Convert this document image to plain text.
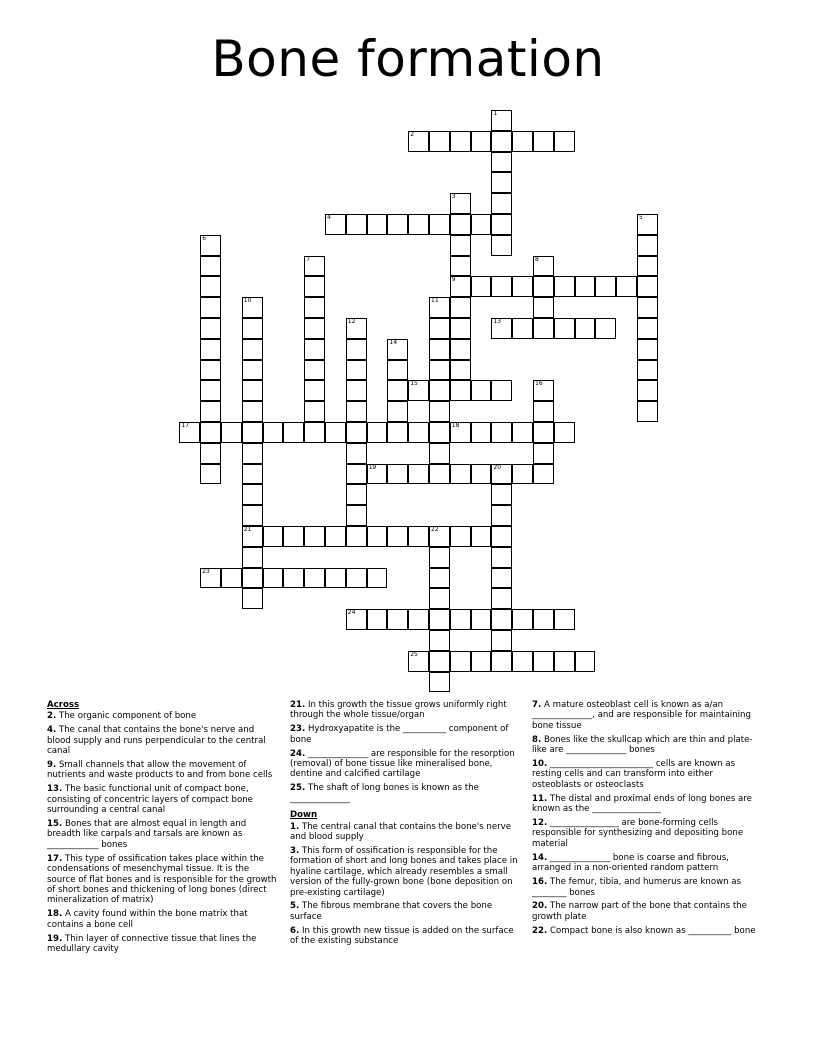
Bone formation
1
2
3
9
4	5
6
7	8
10
21
11
12	13
14
15	16
17	18
19	20
22
23
24
25
Across
2. The organic component of bone
4. The canal that contains the bone's nerve and blood supply and runs perpendicular to the central canal
9. Small channels that allow the movement of nutrients and waste products to and from bone cells
13. The basic functional unit of compact bone, consisting of concentric layers of compact bone surrounding a central canal
15. Bones that are almost equal in length and breadth like carpals and tarsals are known as ____________ bones
17. This type of ossification takes place within the condensations of mesenchymal tissue. It is the source of flat bones and is responsible for the growth of short bones and thickening of long bones (direct mineralization of matrix)
18. A cavity found within the bone matrix that contains a bone cell
19. Thin layer of connective tissue that lines the medullary cavity
21. In this growth the tissue grows uniformly right through the whole tissue/organ
23. Hydroxyapatite is the __________ component of bone
24. ______________ are responsible for the resorption (removal) of bone tissue like mineralised bone, dentine and calcified cartilage
25. The shaft of long bones is known as the ______________
Down
1. The central canal that contains the bone's nerve and blood supply
3. This form of ossification is responsible for the formation of short and long bones and takes place in hyaline cartilage, which already resembles a small version of the fully-grown bone (bone deposition on pre-existing cartilage)
5. The fibrous membrane that covers the bone surface
6. In this growth new tissue is added on the surface of the existing substance
7. A mature osteoblast cell is known as a/an ______________, and are responsible for maintaining bone tissue
8. Bones like the skullcap which are thin and plate-like are ______________ bones
10. ________________________ cells are known as resting cells and can transform into either osteoblasts or osteoclasts
11. The distal and proximal ends of long bones are known as the ________________
12. ________________ are bone-forming cells responsible for synthesizing and depositing bone material
14. ______________ bone is coarse and fibrous, arranged in a non-oriented random pattern
16. The femur, tibia, and humerus are known as ________ bones
20. The narrow part of the bone that contains the growth plate
22. Compact bone is also known as __________ bone
